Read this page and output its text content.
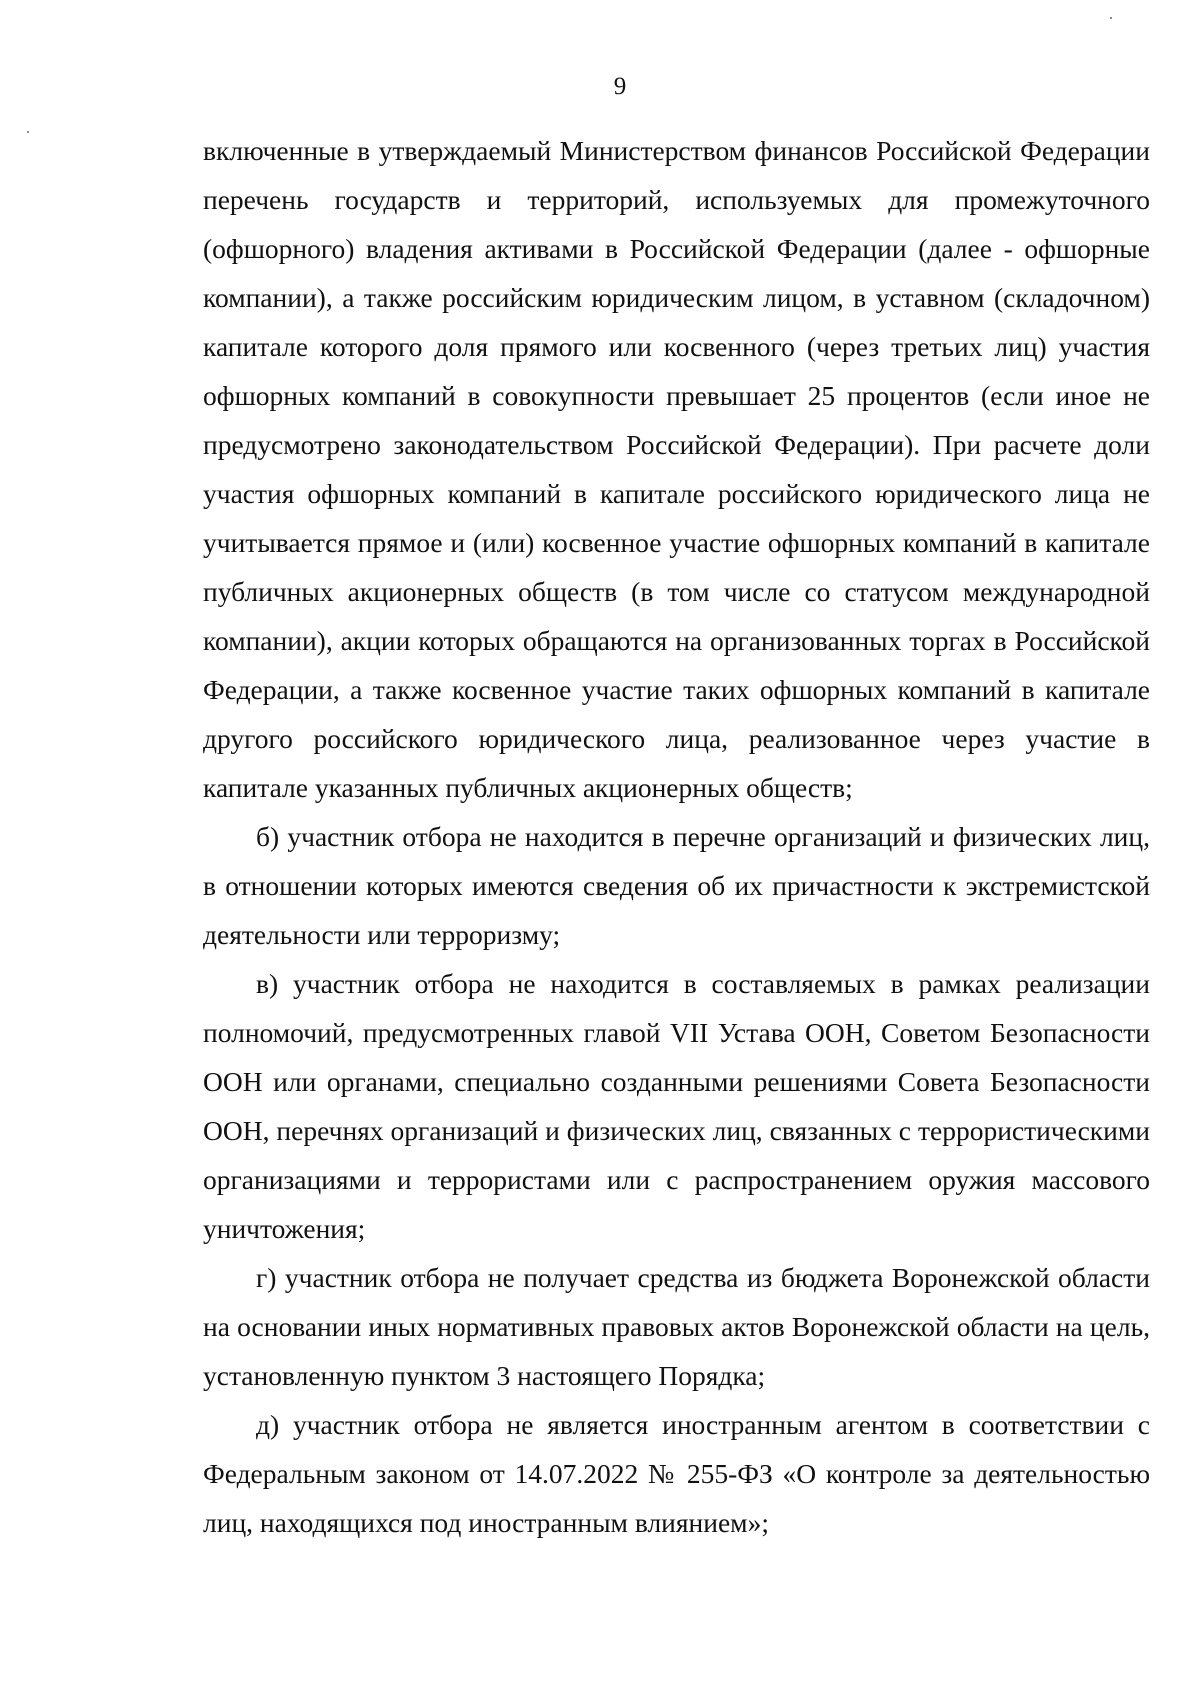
9

включенные в утверждаемый Министерством финансов Российской Федерации перечень государств и территорий, используемых для промежуточного (офшорного) владения активами в Российской Федерации (далее - офшорные компании), а также российским юридическим лицом, в уставном (складочном) капитале которого доля прямого или косвенного (через третьих лиц) участия офшорных компаний в совокупности превышает 25 процентов (если иное не предусмотрено законодательством Российской Федерации). При расчете доли участия офшорных компаний в капитале российского юридического лица не учитывается прямое и (или) косвенное участие офшорных компаний в капитале публичных акционерных обществ (в том числе со статусом международной компании), акции которых обращаются на организованных торгах в Российской Федерации, а также косвенное участие таких офшорных компаний в капитале другого российского юридического лица, реализованное через участие в капитале указанных публичных акционерных обществ;

б) участник отбора не находится в перечне организаций и физических лиц, в отношении которых имеются сведения об их причастности к экстремистской деятельности или терроризму;

в) участник отбора не находится в составляемых в рамках реализации полномочий, предусмотренных главой VII Устава ООН, Советом Безопасности ООН или органами, специально созданными решениями Совета Безопасности ООН, перечнях организаций и физических лиц, связанных с террористическими организациями и террористами или с распространением оружия массового уничтожения;

г) участник отбора не получает средства из бюджета Воронежской области на основании иных нормативных правовых актов Воронежской области на цель, установленную пунктом 3 настоящего Порядка;

д) участник отбора не является иностранным агентом в соответствии с Федеральным законом от 14.07.2022 № 255-ФЗ «О контроле за деятельностью лиц, находящихся под иностранным влиянием»;
